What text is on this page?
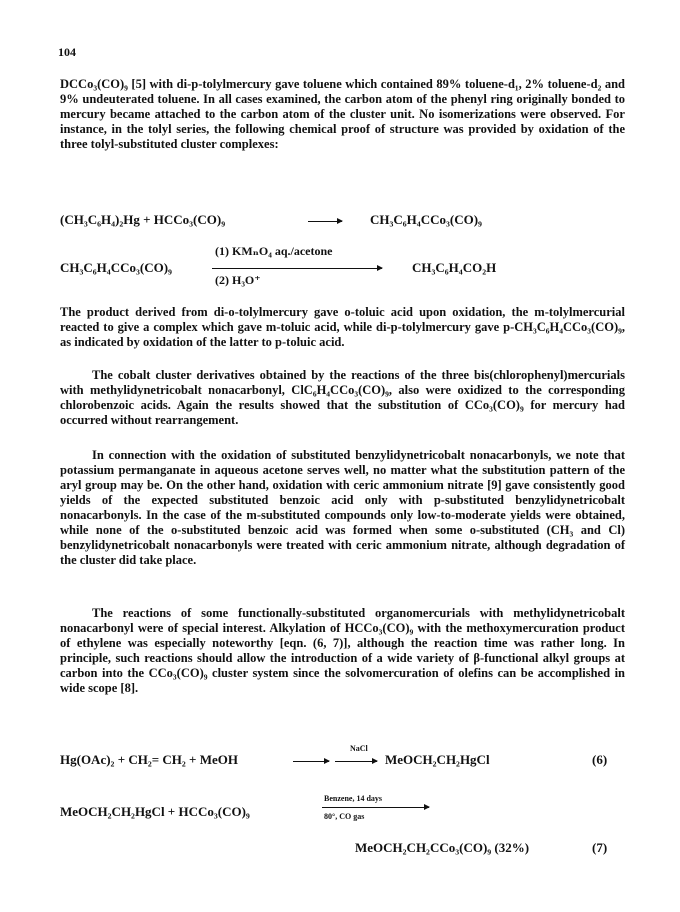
104
DCCo₃(CO)₉ [5] with di-p-tolylmercury gave toluene which contained 89% toluene-d₁, 2% toluene-d₂ and 9% undeuterated toluene. In all cases examined, the carbon atom of the phenyl ring originally bonded to mercury became attached to the carbon atom of the cluster unit. No isomerizations were observed. For instance, in the tolyl series, the following chemical proof of structure was provided by oxidation of the three tolyl-substituted cluster complexes:
(CH₃C₆H₄)₂Hg + HCCo₃(CO)₉	CH₃C₆H₄CCo₃(CO)₉
(1) KMₙO₄ aq./acetone
CH₃C₆H₄CCo₃(CO)₉
(2) H₃O⁺
CH₃C₆H₄CO₂H
The product derived from di-o-tolylmercury gave o-toluic acid upon oxidation, the m-tolylmercurial reacted to give a complex which gave m-toluic acid, while di-p-tolylmercury gave p-CH₃C₆H₄CCo₃(CO)₉, as indicated by oxidation of the latter to p-toluic acid.
The cobalt cluster derivatives obtained by the reactions of the three bis(chlorophenyl)mercurials with methylidynetricobalt nonacarbonyl, ClC₆H₄CCo₃(CO)₉, also were oxidized to the corresponding chlorobenzoic acids. Again the results showed that the substitution of CCo₃(CO)₉ for mercury had occurred without rearrangement.
In connection with the oxidation of substituted benzylidynetricobalt nonacarbonyls, we note that potassium permanganate in aqueous acetone serves well, no matter what the substitution pattern of the aryl group may be. On the other hand, oxidation with ceric ammonium nitrate [9] gave consistently good yields of the expected substituted benzoic acid only with p-substituted benzylidynetricobalt nonacarbonyls. In the case of the m-substituted compounds only low-to-moderate yields were obtained, while none of the o-substituted benzoic acid was formed when some o-substituted (CH₃ and Cl) benzylidynetricobalt nonacarbonyls were treated with ceric ammonium nitrate, although degradation of the cluster did take place.
The reactions of some functionally-substituted organomercurials with methylidynetricobalt nonacarbonyl were of special interest. Alkylation of HCCo₃(CO)₉ with the methoxymercuration product of ethylene was especially noteworthy [eqn. (6, 7)], although the reaction time was rather long. In principle, such reactions should allow the introduction of a wide variety of β-functional alkyl groups at carbon into the CCo₃(CO)₉ cluster system since the solvomercuration of olefins can be accomplished in wide scope [8].
NaCl
Hg(OAc)₂ + CH₂= CH₂ + MeOH	MeOCH₂CH₂HgCl	(6)
Benzene, 14 days
MeOCH₂CH₂HgCl + HCCo₃(CO)₉	80°, CO gas
MeOCH₂CH₂CCo₃(CO)₉ (32%)	(7)
